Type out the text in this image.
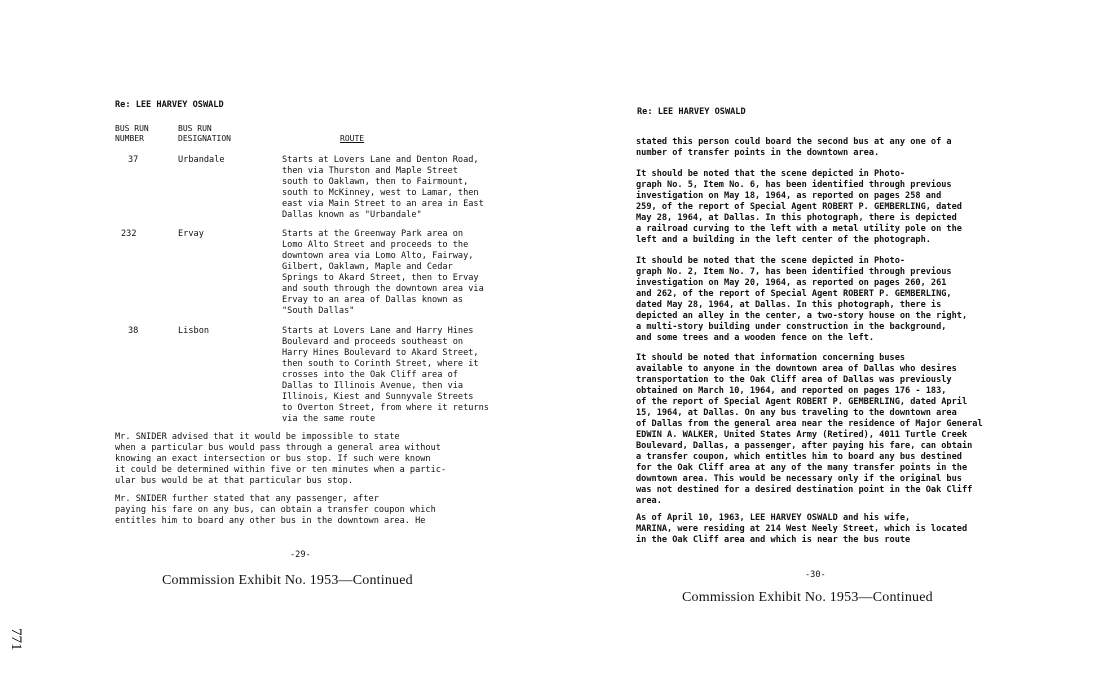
Re: LEE HARVEY OSWALD
BUS RUN
NUMBER
BUS RUN
DESIGNATION	ROUTE
37	Urbandale	Starts at Lovers Lane and Denton Road,
then via Thurston and Maple Street
south to Oaklawn, then to Fairmount,
south to McKinney, west to Lamar, then
east via Main Street to an area in East
Dallas known as "Urbandale"
232	Ervay	Starts at the Greenway Park area on
Lomo Alto Street and proceeds to the
downtown area via Lomo Alto, Fairway,
Gilbert, Oaklawn, Maple and Cedar
Springs to Akard Street, then to Ervay
and south through the downtown area via
Ervay to an area of Dallas known as
"South Dallas"
38	Lisbon	Starts at Lovers Lane and Harry Hines
Boulevard and proceeds southeast on
Harry Hines Boulevard to Akard Street,
then south to Corinth Street, where it
crosses into the Oak Cliff area of
Dallas to Illinois Avenue, then via
Illinois, Kiest and Sunnyvale Streets
to Overton Street, from where it returns
via the same route
Mr. SNIDER advised that it would be impossible to state
when a particular bus would pass through a general area without
knowing an exact intersection or bus stop. If such were known
it could be determined within five or ten minutes when a partic-
ular bus would be at that particular bus stop.
Mr. SNIDER further stated that any passenger, after
paying his fare on any bus, can obtain a transfer coupon which
entitles him to board any other bus in the downtown area. He
-29-
Commission Exhibit No. 1953—Continued
771
Re: LEE HARVEY OSWALD
stated this person could board the second bus at any one of a
number of transfer points in the downtown area.
It should be noted that the scene depicted in Photo-
graph No. 5, Item No. 6, has been identified through previous
investigation on May 18, 1964, as reported on pages 258 and
259, of the report of Special Agent ROBERT P. GEMBERLING, dated
May 28, 1964, at Dallas. In this photograph, there is depicted
a railroad curving to the left with a metal utility pole on the
left and a building in the left center of the photograph.
It should be noted that the scene depicted in Photo-
graph No. 2, Item No. 7, has been identified through previous
investigation on May 20, 1964, as reported on pages 260, 261
and 262, of the report of Special Agent ROBERT P. GEMBERLING,
dated May 28, 1964, at Dallas. In this photograph, there is
depicted an alley in the center, a two-story house on the right,
a multi-story building under construction in the background,
and some trees and a wooden fence on the left.
It should be noted that information concerning buses
available to anyone in the downtown area of Dallas who desires
transportation to the Oak Cliff area of Dallas was previously
obtained on March 10, 1964, and reported on pages 176 - 183,
of the report of Special Agent ROBERT P. GEMBERLING, dated April
15, 1964, at Dallas. On any bus traveling to the downtown area
of Dallas from the general area near the residence of Major General
EDWIN A. WALKER, United States Army (Retired), 4011 Turtle Creek
Boulevard, Dallas, a passenger, after paying his fare, can obtain
a transfer coupon, which entitles him to board any bus destined
for the Oak Cliff area at any of the many transfer points in the
downtown area. This would be necessary only if the original bus
was not destined for a desired destination point in the Oak Cliff
area.
As of April 10, 1963, LEE HARVEY OSWALD and his wife,
MARINA, were residing at 214 West Neely Street, which is located
in the Oak Cliff area and which is near the bus route
-30-
Commission Exhibit No. 1953—Continued
